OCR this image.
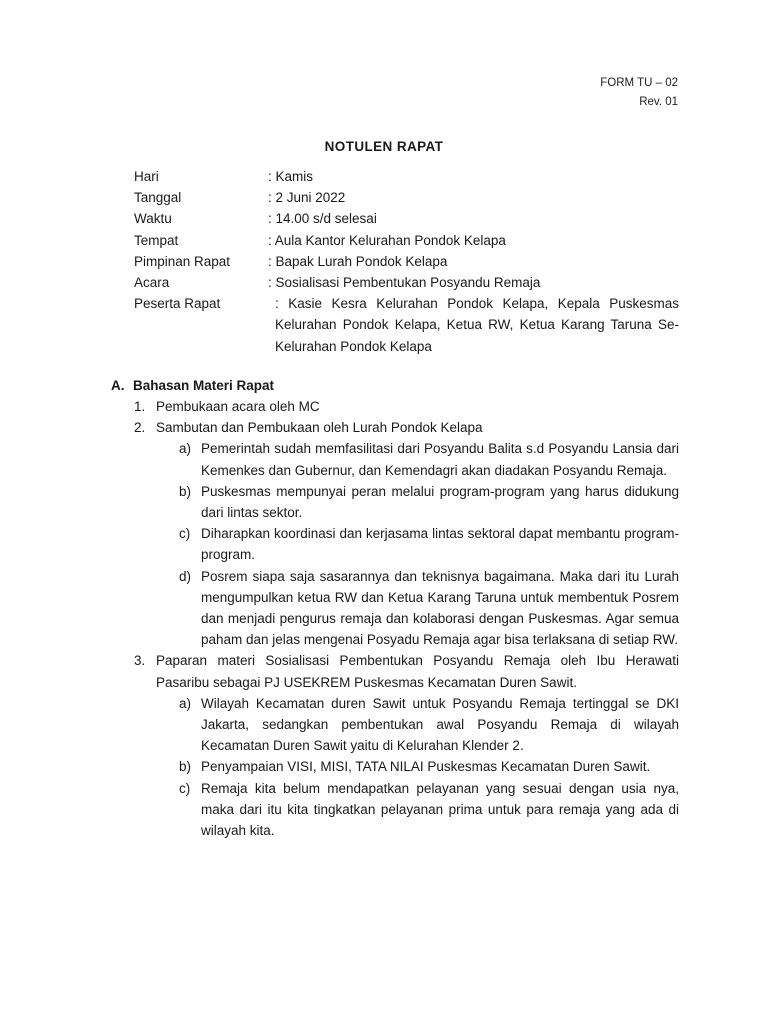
FORM TU – 02
Rev. 01
NOTULEN RAPAT
Hari	: Kamis
Tanggal	: 2 Juni 2022
Waktu	: 14.00 s/d selesai
Tempat	: Aula Kantor Kelurahan Pondok Kelapa
Pimpinan Rapat	: Bapak Lurah Pondok Kelapa
Acara	: Sosialisasi Pembentukan Posyandu Remaja
Peserta Rapat	: Kasie Kesra Kelurahan Pondok Kelapa, Kepala Puskesmas Kelurahan Pondok Kelapa, Ketua RW, Ketua Karang Taruna Se-Kelurahan Pondok Kelapa
A. Bahasan Materi Rapat
1. Pembukaan acara oleh MC
2. Sambutan dan Pembukaan oleh Lurah Pondok Kelapa
a) Pemerintah sudah memfasilitasi dari Posyandu Balita s.d Posyandu Lansia dari Kemenkes dan Gubernur, dan Kemendagri akan diadakan Posyandu Remaja.
b) Puskesmas mempunyai peran melalui program-program yang harus didukung dari lintas sektor.
c) Diharapkan koordinasi dan kerjasama lintas sektoral dapat membantu program-program.
d) Posrem siapa saja sasarannya dan teknisnya bagaimana. Maka dari itu Lurah mengumpulkan ketua RW dan Ketua Karang Taruna untuk membentuk Posrem dan menjadi pengurus remaja dan kolaborasi dengan Puskesmas. Agar semua paham dan jelas mengenai Posyadu Remaja agar bisa terlaksana di setiap RW.
3. Paparan materi Sosialisasi Pembentukan Posyandu Remaja oleh Ibu Herawati Pasaribu sebagai PJ USEKREM Puskesmas Kecamatan Duren Sawit.
a) Wilayah Kecamatan duren Sawit untuk Posyandu Remaja tertinggal se DKI Jakarta, sedangkan pembentukan awal Posyandu Remaja di wilayah Kecamatan Duren Sawit yaitu di Kelurahan Klender 2.
b) Penyampaian VISI, MISI, TATA NILAI Puskesmas Kecamatan Duren Sawit.
c) Remaja kita belum mendapatkan pelayanan yang sesuai dengan usia nya, maka dari itu kita tingkatkan pelayanan prima untuk para remaja yang ada di wilayah kita.
